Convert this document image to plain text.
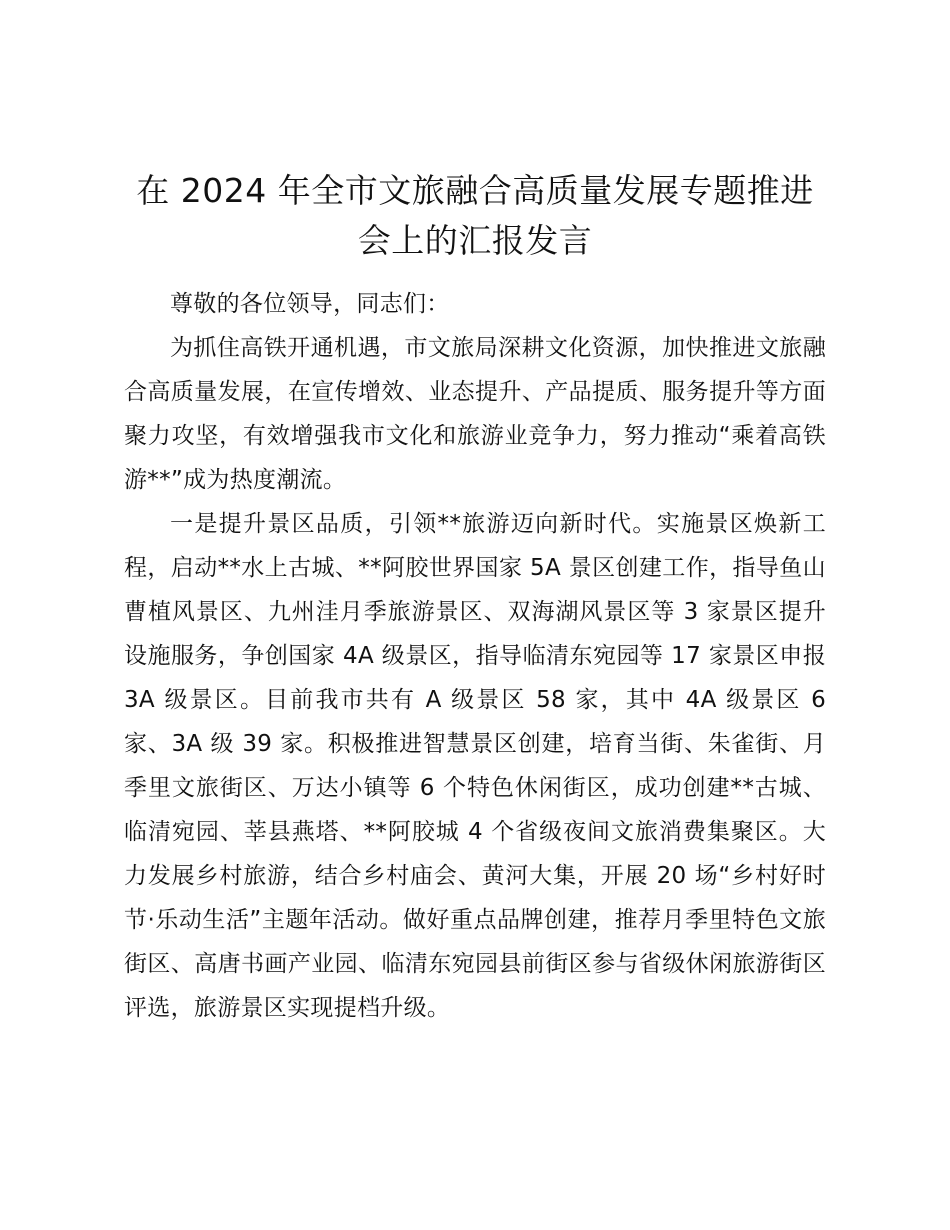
在 2024 年全市文旅融合高质量发展专题推进会上的汇报发言

尊敬的各位领导，同志们：

为抓住高铁开通机遇，市文旅局深耕文化资源，加快推进文旅融合高质量发展，在宣传增效、业态提升、产品提质、服务提升等方面聚力攻坚，有效增强我市文化和旅游业竞争力，努力推动“乘着高铁游**”成为热度潮流。

一是提升景区品质，引领**旅游迈向新时代。实施景区焕新工程，启动**水上古城、**阿胶世界国家 5A 景区创建工作，指导鱼山曹植风景区、九州洼月季旅游景区、双海湖风景区等 3 家景区提升设施服务，争创国家 4A 级景区，指导临清东宛园等 17 家景区申报 3A 级景区。目前我市共有 A 级景区 58 家，其中 4A 级景区 6 家、3A 级 39 家。积极推进智慧景区创建，培育当街、朱雀街、月季里文旅街区、万达小镇等 6 个特色休闲街区，成功创建**古城、临清宛园、莘县燕塔、**阿胶城 4 个省级夜间文旅消费集聚区。大力发展乡村旅游，结合乡村庙会、黄河大集，开展 20 场“乡村好时节·乐动生活”主题年活动。做好重点品牌创建，推荐月季里特色文旅街区、高唐书画产业园、临清东宛园县前街区参与省级休闲旅游街区评选，旅游景区实现提档升级。
